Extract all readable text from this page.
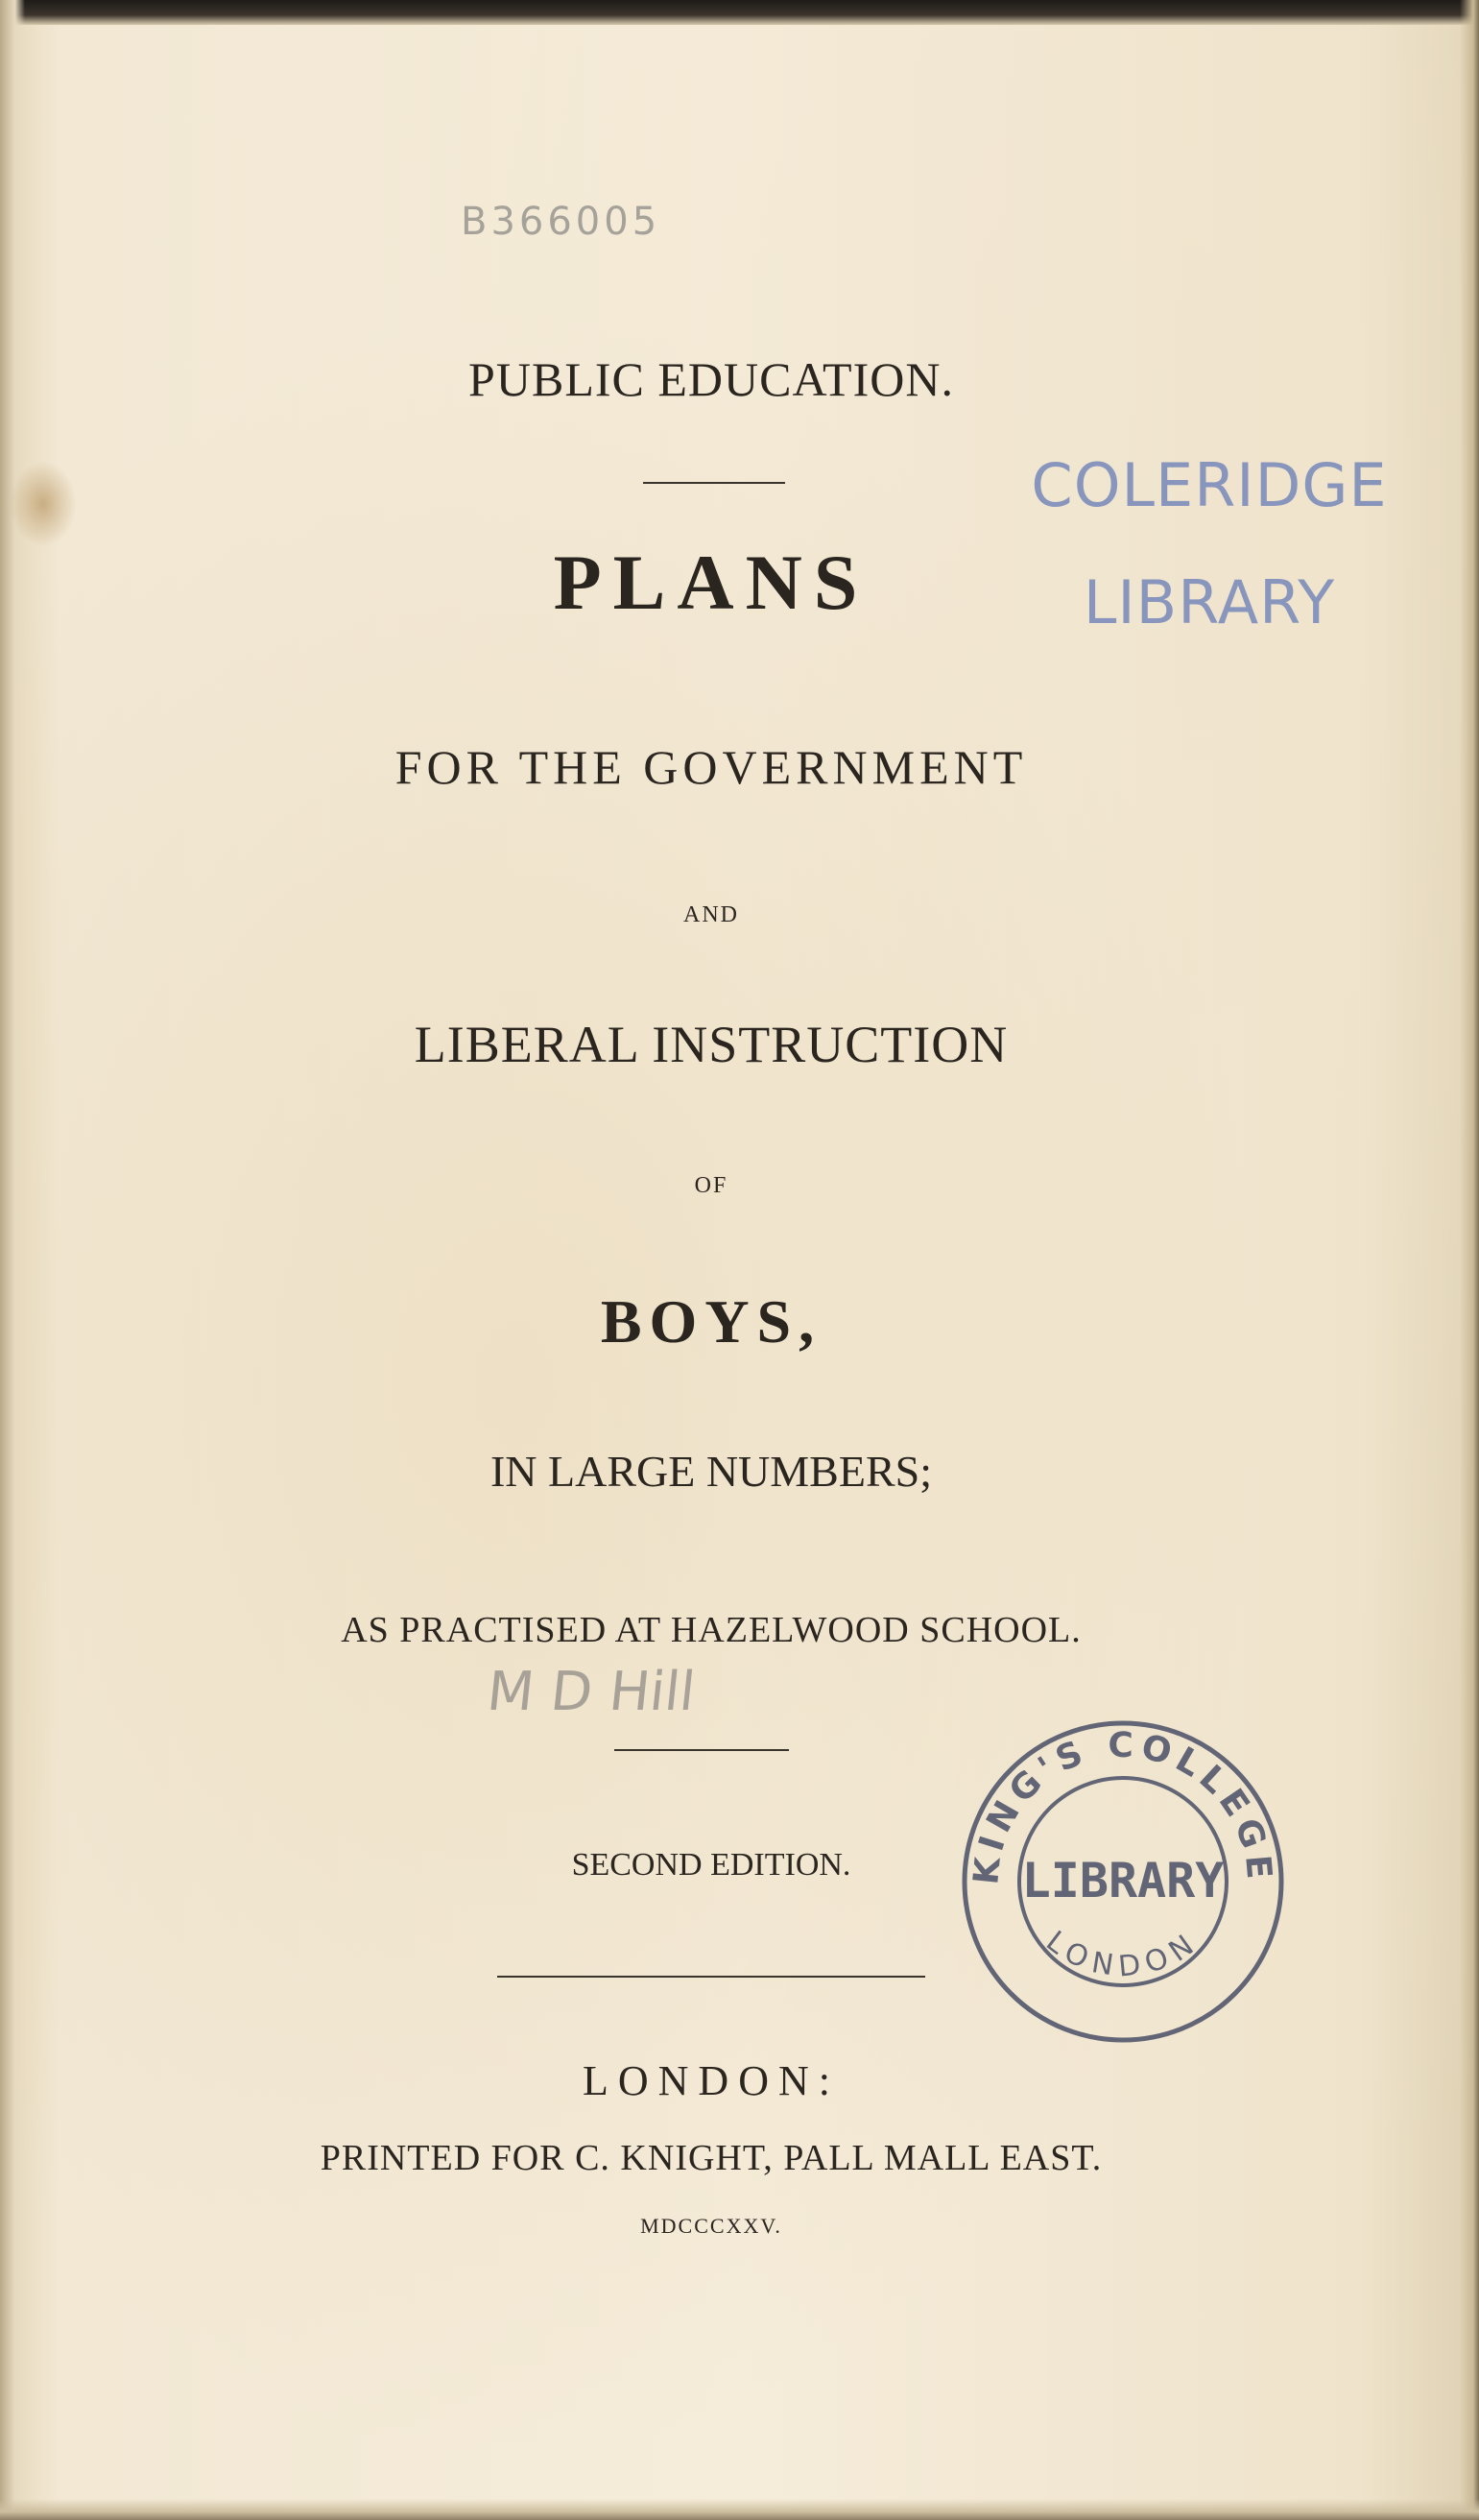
B366005
PUBLIC EDUCATION.
PLANS
FOR THE GOVERNMENT
AND
LIBERAL INSTRUCTION
OF
BOYS,
IN LARGE NUMBERS;
AS PRACTISED AT HAZELWOOD SCHOOL.
M D Hill
SECOND EDITION.
LONDON:
PRINTED FOR C. KNIGHT, PALL MALL EAST.
MDCCCXXV.
COLERIDGE
LIBRARY
KING'S COLLEGE
LIBRARY
LONDON
